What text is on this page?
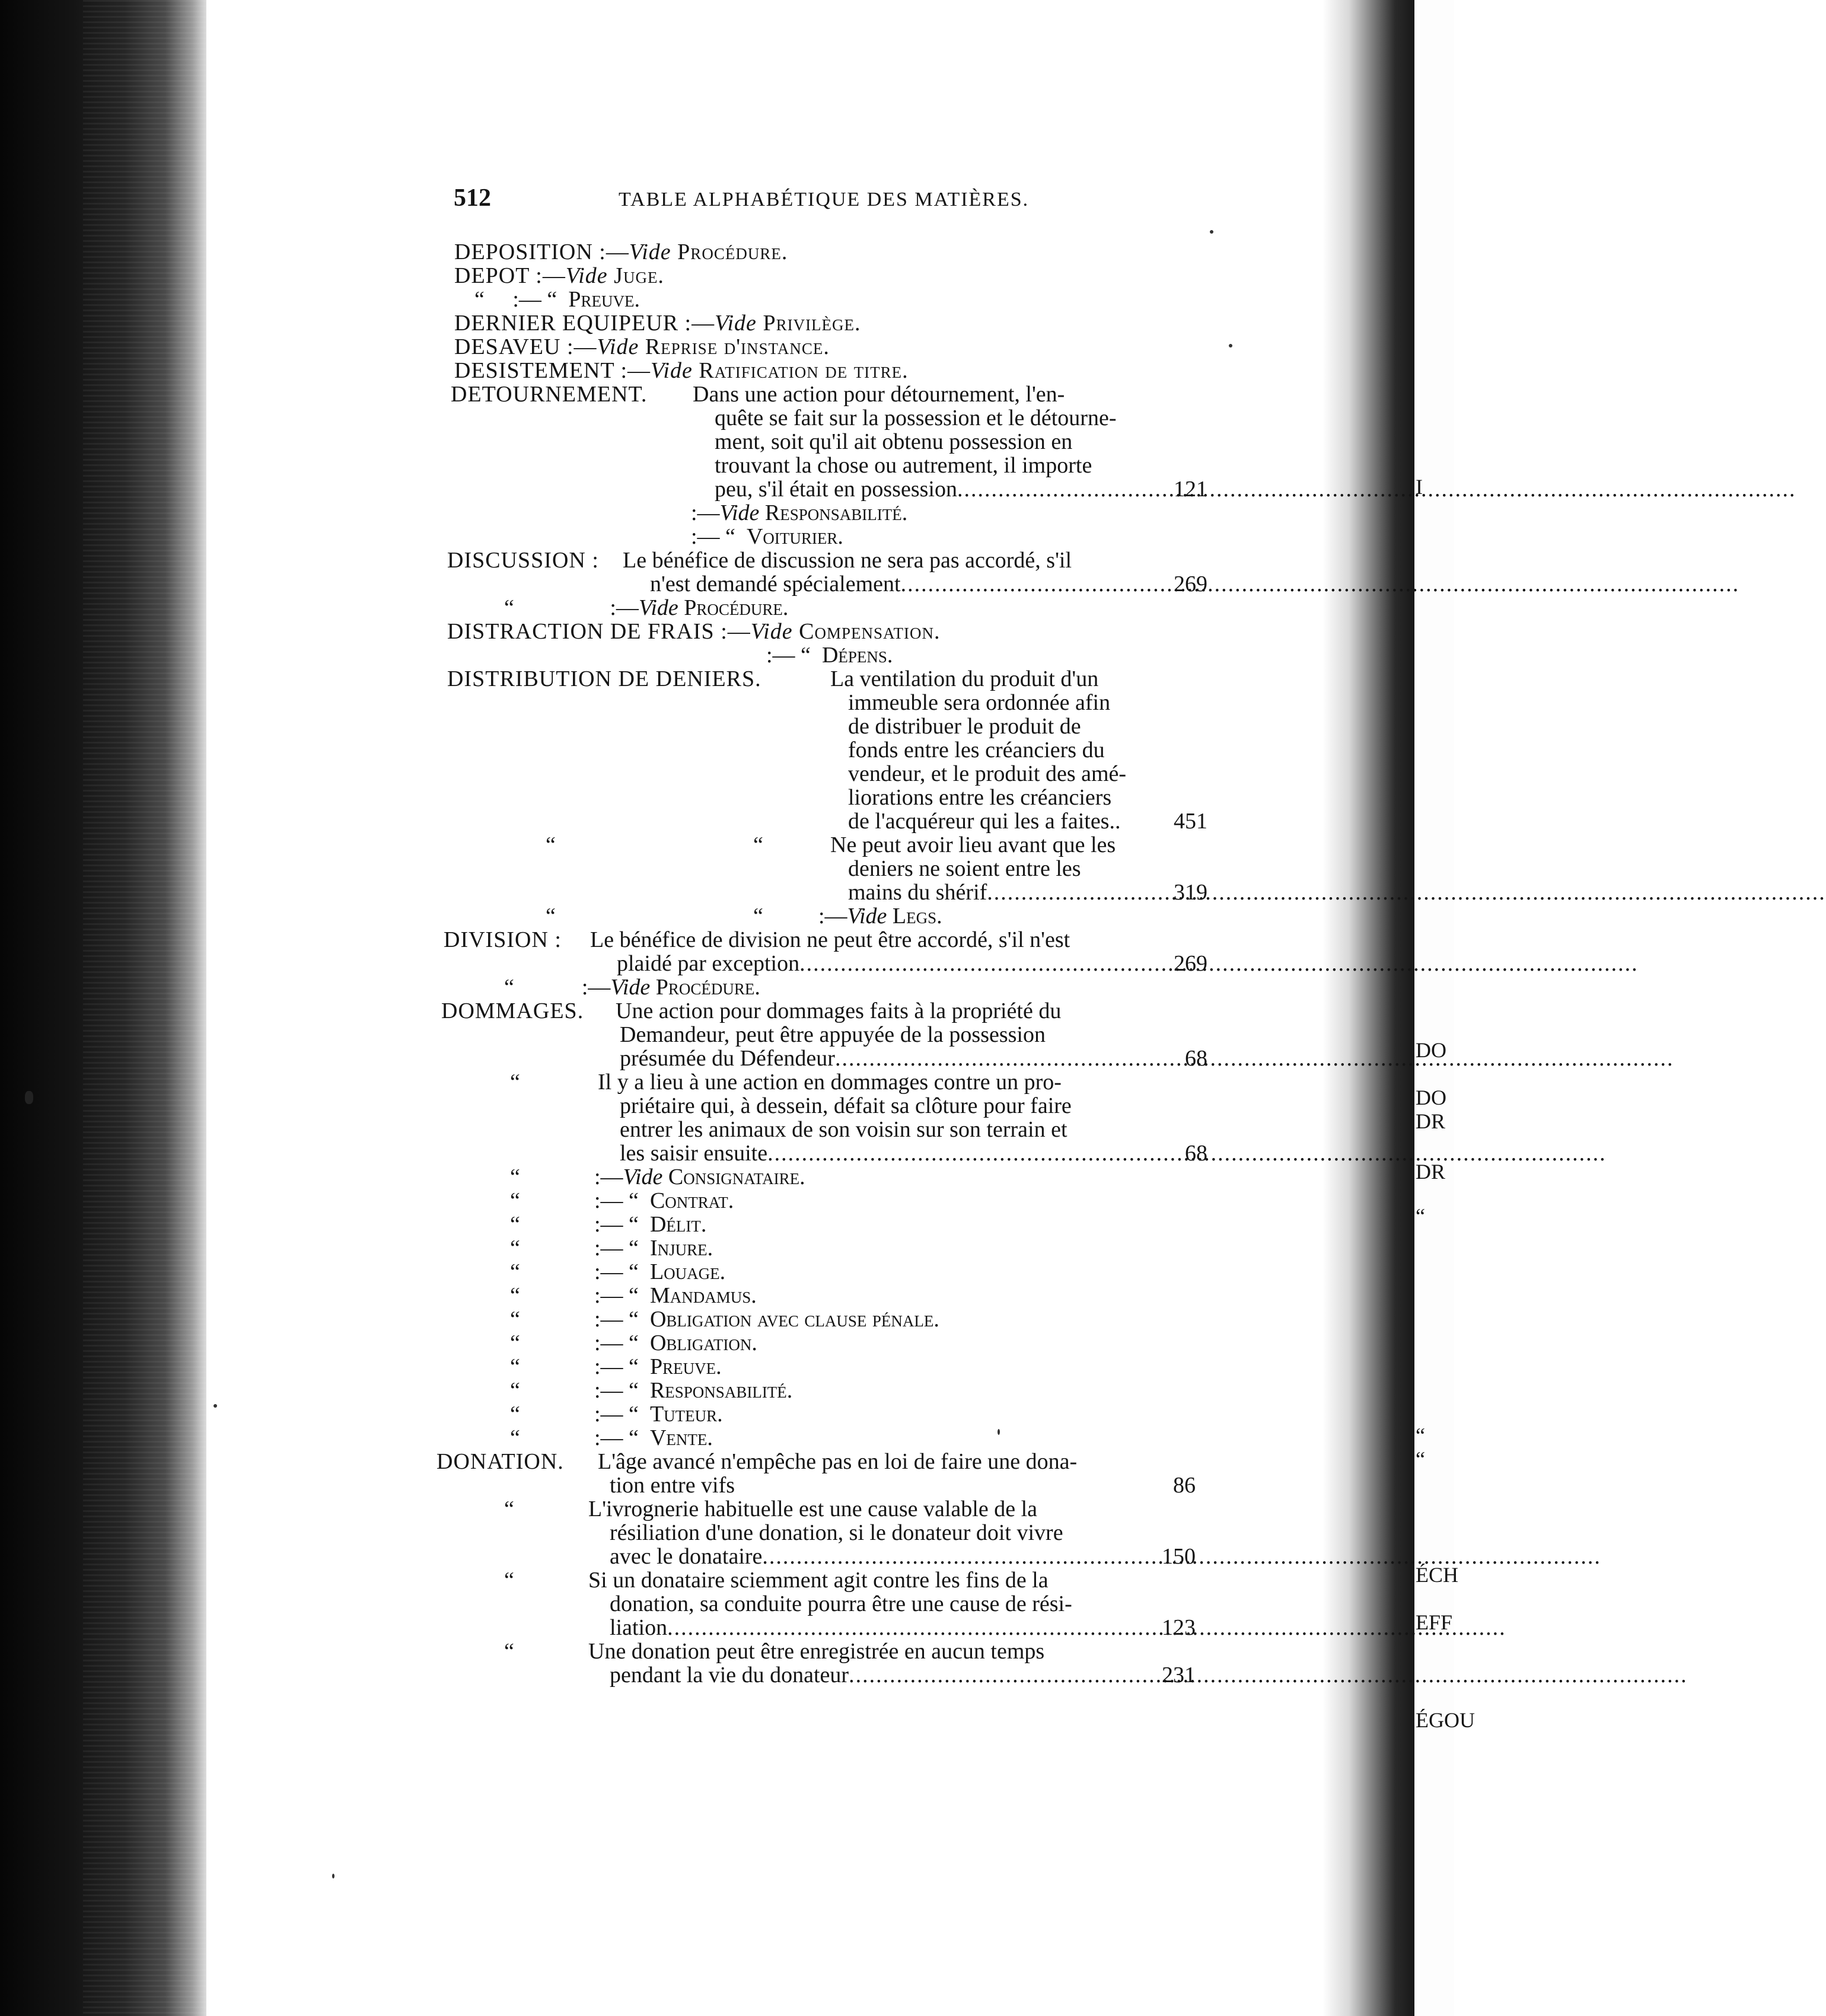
I
DO
DO
DR
DR
“
“
“
ÉCH
EFF
ÉGOU
512	TABLE ALPHABÉTIQUE DES MATIÈRES.
DEPOSITION :—Vide Procédure.
DEPOT :—Vide Juge.
“ :— “ Preuve.
DERNIER EQUIPEUR :—Vide Privilège.
DESAVEU :—Vide Reprise d'instance.
DESISTEMENT :—Vide Ratification de titre.
DETOURNEMENT. Dans une action pour détournement, l'en-
quête se fait sur la possession et le détourne-
ment, soit qu'il ait obtenu possession en
trouvant la chose ou autrement, il importe
peu, s'il était en possession .....	121
:—Vide Responsabilité.
:— “ Voiturier.
DISCUSSION : Le bénéfice de discussion ne sera pas accordé, s'il
n'est demandé spécialement .....	269
“	:—Vide Procédure.
DISTRACTION DE FRAIS :—Vide Compensation.
:— “ Dépens.
DISTRIBUTION DE DENIERS.	La ventilation du produit d'un
immeuble sera ordonnée afin
de distribuer le produit de
fonds entre les créanciers du
vendeur, et le produit des amé-
liorations entre les créanciers
de l'acquéreur qui les a faites.. 451
“	“	Ne peut avoir lieu avant que les
deniers ne soient entre les
mains du shérif .....	319
“	“ :—Vide Legs.
DIVISION : Le bénéfice de division ne peut être accordé, s'il n'est
plaidé par exception .....	269
“	:—Vide Procédure.
DOMMAGES. Une action pour dommages faits à la propriété du
Demandeur, peut être appuyée de la possession
présumée du Défendeur .....	68
“	Il y a lieu à une action en dommages contre un pro-
priétaire qui, à dessein, défait sa clôture pour faire
entrer les animaux de son voisin sur son terrain et
les saisir ensuite .....	68
“	:—Vide Consignataire.
“	:— “ Contrat.
“	:— “ Délit.
“	:— “ Injure.
“	:— “ Louage.
“	:— “ Mandamus.
“	:— “ Obligation avec clause pénale.
“	:— “ Obligation.
“	:— “ Preuve.
“	:— “ Responsabilité.
“	:— “ Tuteur.
“	:— “ Vente.
DONATION. L'âge avancé n'empêche pas en loi de faire une dona-
tion entre vifs	86
“	L'ivrognerie habituelle est une cause valable de la
résiliation d'une donation, si le donateur doit vivre
avec le donataire .....	150
“	Si un donataire sciemment agit contre les fins de la
donation, sa conduite pourra être une cause de rési-
liation .....	123
“	Une donation peut être enregistrée en aucun temps
pendant la vie du donateur .....	231
